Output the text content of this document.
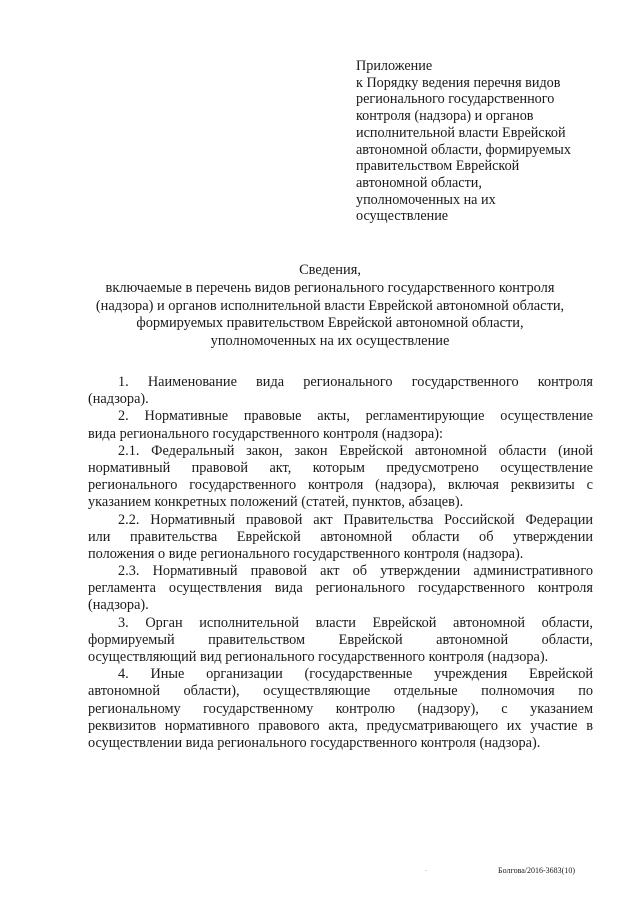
Приложение
к Порядку ведения перечня видов
регионального государственного
контроля (надзора) и органов
исполнительной власти Еврейской
автономной области, формируемых
правительством Еврейской
автономной области,
уполномоченных на их
осуществление
Сведения,
включаемые в перечень видов регионального государственного контроля
(надзора) и органов исполнительной власти Еврейской автономной области,
формируемых правительством Еврейской автономной области,
уполномоченных на их осуществление
1. Наименование вида регионального государственного контроля
(надзора).
2. Нормативные правовые акты, регламентирующие осуществление
вида регионального государственного контроля (надзора):
2.1. Федеральный закон, закон Еврейской автономной области (иной
нормативный правовой акт, которым предусмотрено осуществление
регионального государственного контроля (надзора), включая реквизиты с
указанием конкретных положений (статей, пунктов, абзацев).
2.2. Нормативный правовой акт Правительства Российской Федерации
или правительства Еврейской автономной области об утверждении
положения о виде регионального государственного контроля (надзора).
2.3. Нормативный правовой акт об утверждении административного
регламента осуществления вида регионального государственного контроля
(надзора).
3. Орган исполнительной власти Еврейской автономной области,
формируемый правительством Еврейской автономной области,
осуществляющий вид регионального государственного контроля (надзора).
4. Иные организации (государственные учреждения Еврейской
автономной области), осуществляющие отдельные полномочия по
региональному государственному контролю (надзору), с указанием
реквизитов нормативного правового акта, предусматривающего их участие в
осуществлении вида регионального государственного контроля (надзора).
·	Болгова/2016-3683(10)
